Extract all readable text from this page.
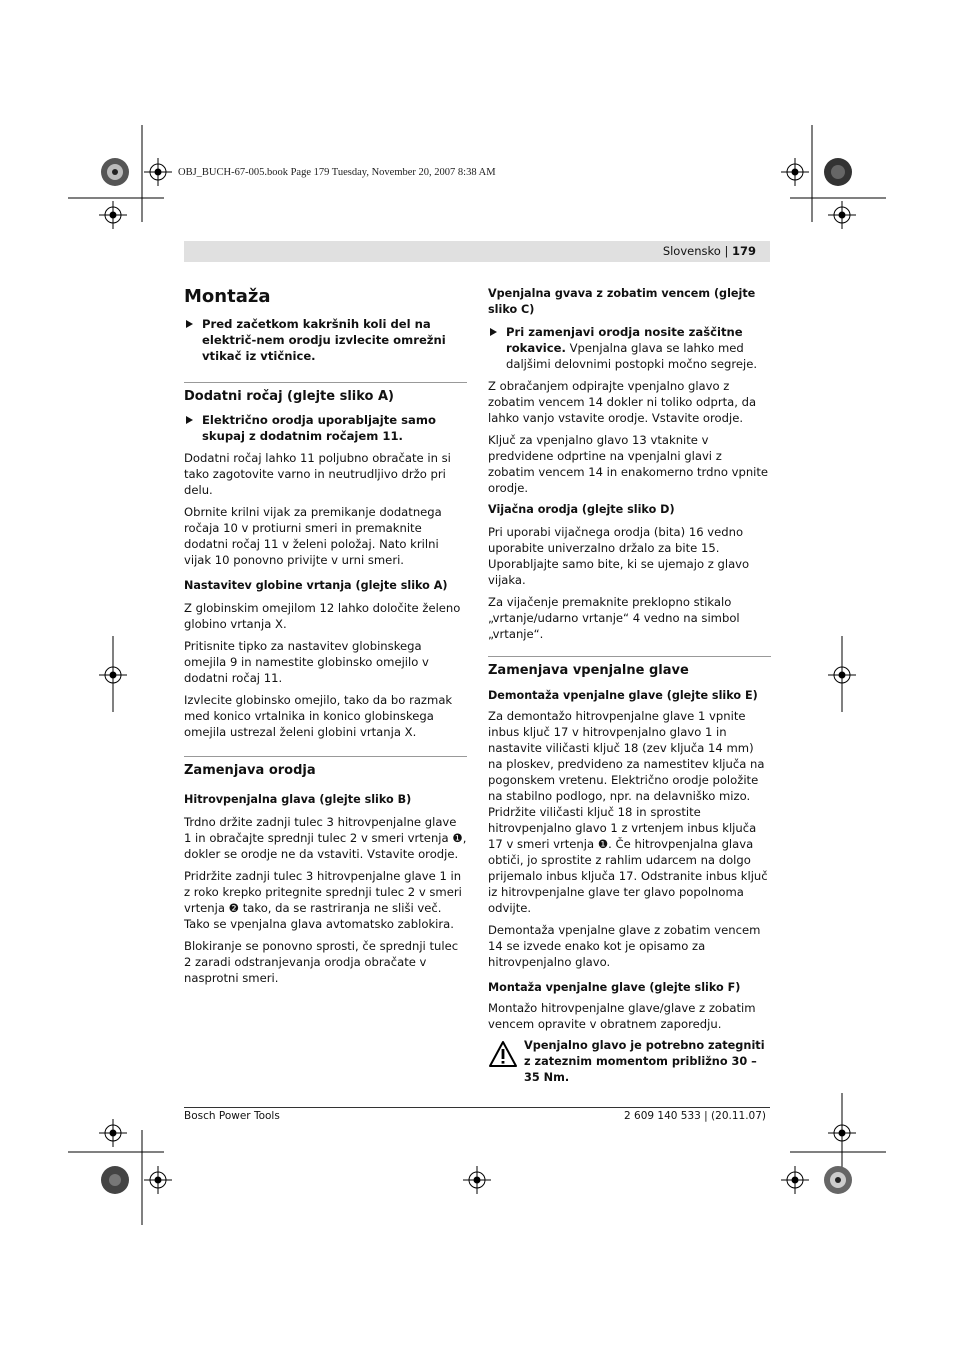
OBJ_BUCH-67-005.book Page 179 Tuesday, November 20, 2007 8:38 AM
Slovensko | 179
Montaža
Pred začetkom kakršnih koli del na električ-nem orodju izvlecite omrežni vtikač iz vtičnice.
Dodatni ročaj (glejte sliko A)
Električno orodja uporabljajte samo skupaj z dodatnim ročajem 11.

Dodatni ročaj lahko 11 poljubno obračate in si tako zagotovite varno in neutrudljivo držo pri delu.

Obrnite krilni vijak za premikanje dodatnega ročaja 10 v protiurni smeri in premaknite dodatni ročaj 11 v želeni položaj. Nato krilni vijak 10 ponovno privijte v urni smeri.

Nastavitev globine vrtanja (glejte sliko A)

Z globinskim omejilom 12 lahko določite želeno globino vrtanja X.

Pritisnite tipko za nastavitev globinskega omejila 9 in namestite globinsko omejilo v dodatni ročaj 11.

Izvlecite globinsko omejilo, tako da bo razmak med konico vrtalnika in konico globinskega omejila ustrezal želeni globini vrtanja X.

Zamenjava orodja
Hitrovpenjalna glava (glejte sliko B)

Trdno držite zadnji tulec 3 hitrovpenjalne glave 1 in obračajte sprednji tulec 2 v smeri vrtenja ❶, dokler se orodje ne da vstaviti. Vstavite orodje.

Pridržite zadnji tulec 3 hitrovpenjalne glave 1 in z roko krepko pritegnite sprednji tulec 2 v smeri vrtenja ❷ tako, da se rastriranja ne sliši več. Tako se vpenjalna glava avtomatsko zablokira.

Blokiranje se ponovno sprosti, če sprednji tulec 2 zaradi odstranjevanja orodja obračate v nasprotni smeri.

Vpenjalna gvava z zobatim vencem (glejte sliko C)
Pri zamenjavi orodja nosite zaščitne rokavice. Vpenjalna glava se lahko med daljšimi delovnimi postopki močno segreje.

Z obračanjem odpirajte vpenjalno glavo z zobatim vencem 14 dokler ni toliko odprta, da lahko vanjo vstavite orodje. Vstavite orodje.

Ključ za vpenjalno glavo 13 vtaknite v predvidene odprtine na vpenjalni glavi z zobatim vencem 14 in enakomerno trdno vpnite orodje.

Vijačna orodja (glejte sliko D)

Pri uporabi vijačnega orodja (bita) 16 vedno uporabite univerzalno držalo za bite 15. Uporabljajte samo bite, ki se ujemajo z glavo vijaka.

Za vijačenje premaknite preklopno stikalo „vrtanje/udarno vrtanje“ 4 vedno na simbol „vrtanje“.

Zamenjava vpenjalne glave
Demontaža vpenjalne glave (glejte sliko E)

Za demontažo hitrovpenjalne glave 1 vpnite inbus ključ 17 v hitrovpenjalno glavo 1 in nastavite viličasti ključ 18 (zev ključa 14 mm) na ploskev, predvideno za namestitev ključa na pogonskem vretenu. Električno orodje položite na stabilno podlogo, npr. na delavniško mizo. Pridržite viličasti ključ 18 in sprostite hitrovpenjalno glavo 1 z vrtenjem inbus ključa 17 v smeri vrtenja ❶. Če hitrovpenjalna glava obtiči, jo sprostite z rahlim udarcem na dolgo prijemalo inbus ključa 17. Odstranite inbus ključ iz hitrovpenjalne glave ter glavo popolnoma odvijte.

Demontaža vpenjalne glave z zobatim vencem 14 se izvede enako kot je opisamo za hitrovpenjalno glavo.

Montaža vpenjalne glave (glejte sliko F)

Montažo hitrovpenjalne glave/glave z zobatim vencem opravite v obratnem zaporedju.

Vpenjalno glavo je potrebno zategniti z zateznim momentom približno 30 – 35 Nm.

Bosch Power Tools	2 609 140 533 | (20.11.07)
